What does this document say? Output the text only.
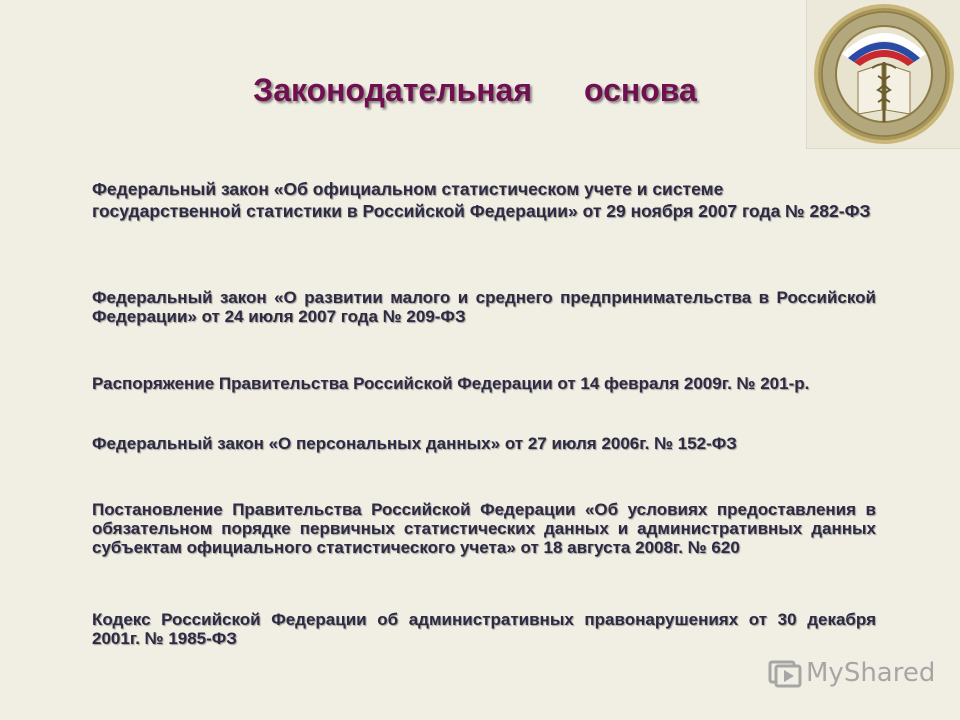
Законодательная основа

Федеральный закон «Об официальном статистическом учете и системе государственной статистики в Российской Федерации» от 29 ноября 2007 года № 282-ФЗ

Федеральный закон «О развитии малого и среднего предпринимательства в Российской Федерации» от 24 июля 2007 года № 209-ФЗ

Распоряжение Правительства Российской Федерации от 14 февраля 2009г. № 201-р.

Федеральный закон «О персональных данных» от 27 июля 2006г. № 152-ФЗ

Постановление Правительства Российской Федерации «Об условиях предоставления в обязательном порядке первичных статистических данных и административных данных субъектам официального статистического учета» от 18 августа 2008г. № 620

Кодекс Российской Федерации об административных правонарушениях от 30 декабря 2001г. № 1985-ФЗ

MyShared
